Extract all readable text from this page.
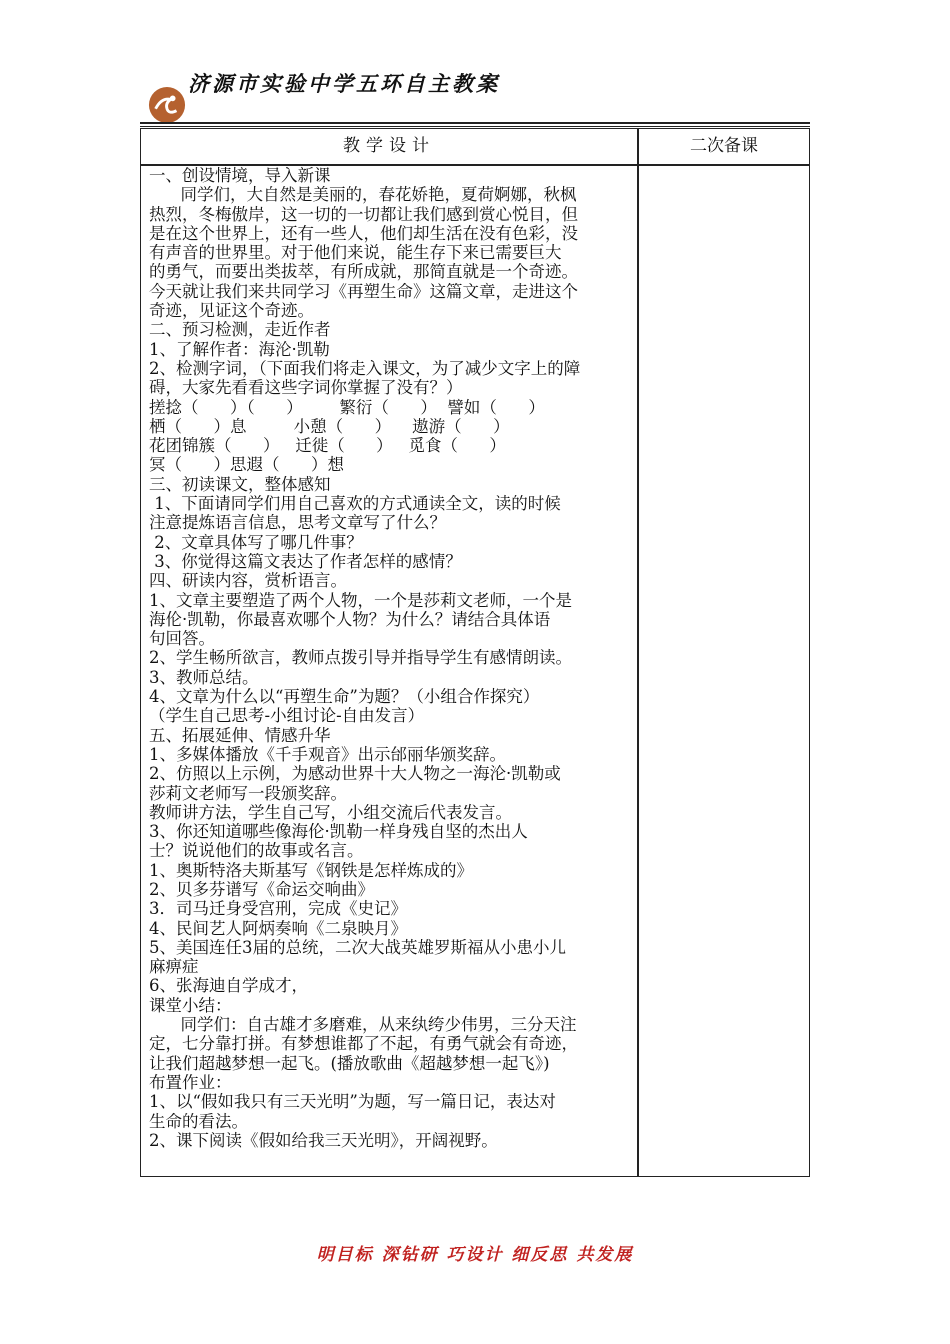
济源市实验中学五环自主教案
教学设计	二次备课
一、创设情境，导入新课
同学们，大自然是美丽的，春花娇艳，夏荷婀娜，秋枫
热烈，冬梅傲岸，这一切的一切都让我们感到赏心悦目，但
是在这个世界上，还有一些人，他们却生活在没有色彩，没
有声音的世界里。对于他们来说，能生存下来已需要巨大
的勇气，而要出类拔萃，有所成就，那简直就是一个奇迹。
今天就让我们来共同学习《再塑生命》这篇文章，走进这个
奇迹，见证这个奇迹。
二、预习检测，走近作者
1、了解作者：海沦·凯勒
2、检测字词，（下面我们将走入课文，为了减少文字上的障
碍，大家先看看这些字词你掌握了没有？）
搓捻（      ）（      ）       繁衍（      ）  譬如（      ）
栖（      ）息         小憩（      ）    遨游（      ）
花团锦簇（      ）   迁徙（      ）   觅食（      ）
冥（      ）思遐（      ）想
三、初读课文，整体感知
1、下面请同学们用自己喜欢的方式通读全文，读的时候
注意提炼语言信息，思考文章写了什么？
2、文章具体写了哪几件事？
3、你觉得这篇文表达了作者怎样的感情？
四、研读内容，赏析语言。
1、文章主要塑造了两个人物，一个是莎莉文老师，一个是
海伦·凯勒，你最喜欢哪个人物？为什么？请结合具体语
句回答。
2、学生畅所欲言，教师点拨引导并指导学生有感情朗读。
3、教师总结。
4、文章为什么以“再塑生命”为题？（小组合作探究）
（学生自己思考-小组讨论-自由发言）
五、拓展延伸、情感升华
1、多媒体播放《千手观音》出示邰丽华颁奖辞。
2、仿照以上示例，为感动世界十大人物之一海沦·凯勒或
莎莉文老师写一段颁奖辞。
教师讲方法，学生自己写，小组交流后代表发言。
3、你还知道哪些像海伦·凯勒一样身残自坚的杰出人
士？说说他们的故事或名言。
1、奥斯特洛夫斯基写《钢铁是怎样炼成的》
2、贝多芬谱写《命运交响曲》
3．司马迁身受宫刑，完成《史记》
4、民间艺人阿炳奏响《二泉映月》
5、美国连任3届的总统，二次大战英雄罗斯福从小患小儿
麻痹症
6、张海迪自学成才，
课堂小结：
同学们：自古雄才多磨难，从来纨绔少伟男，三分天注
定，七分靠打拼。有梦想谁都了不起，有勇气就会有奇迹，
让我们超越梦想一起飞。(播放歌曲《超越梦想一起飞》)
布置作业：
1、以“假如我只有三天光明”为题，写一篇日记，表达对
生命的看法。
2、课下阅读《假如给我三天光明》，开阔视野。
明目标 深钻研 巧设计 细反思 共发展
